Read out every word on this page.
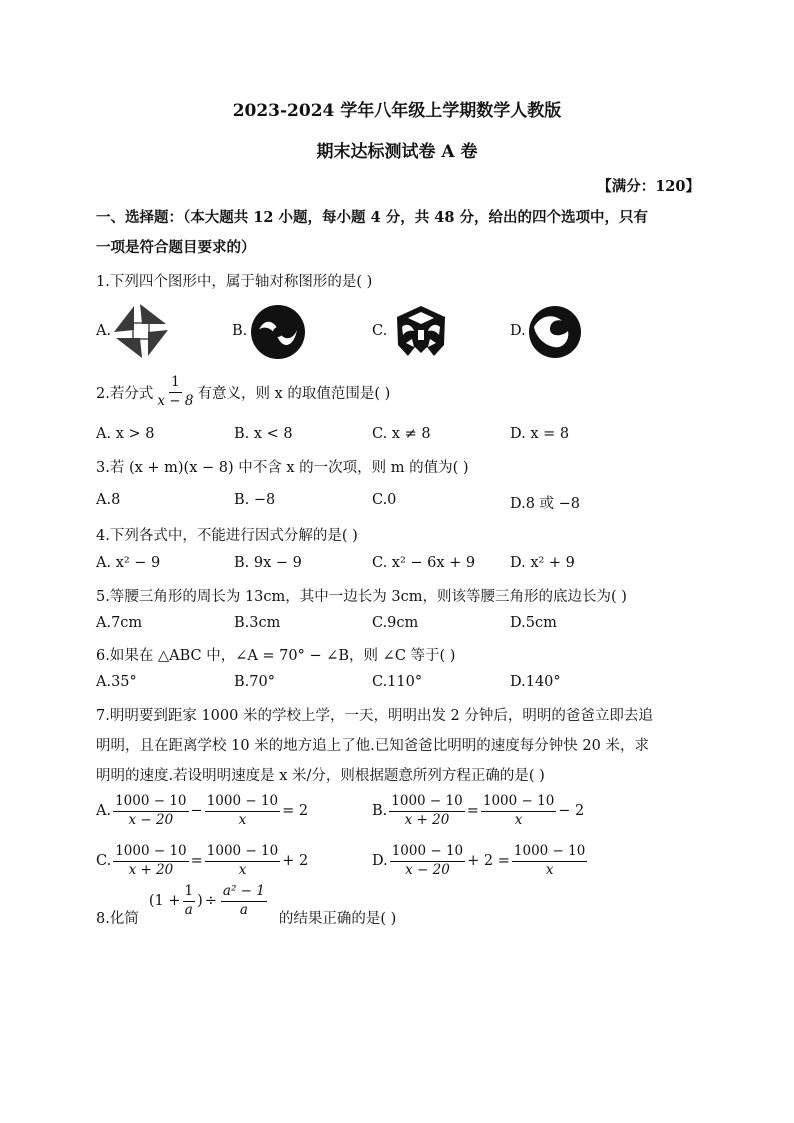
2023-2024 学年八年级上学期数学人教版
期末达标测试卷 A 卷
【满分：120】
一、选择题：（本大题共 12 小题，每小题 4 分，共 48 分，给出的四个选项中，只有
一项是符合题目要求的）
1.下列四个图形中，属于轴对称图形的是( )
A.	B.	C.	D.
2.若分式 $\frac{1}{x - 8}$ 有意义，则 x 的取值范围是( )
A. x > 8	B. x < 8	C. x ≠ 8	D. x = 8
3.若 (x + m)(x − 8) 中不含 x 的一次项，则 m 的值为( )
A.8	B. −8	C.0	D.8 或 −8
4.下列各式中，不能进行因式分解的是( )
A. x² − 9	B. 9x − 9	C. x² − 6x + 9 D. x² + 9
5.等腰三角形的周长为 13cm，其中一边长为 3cm，则该等腰三角形的底边长为( )
A.7cm	B.3cm	C.9cm	D.5cm
6.如果在 △ABC 中，∠A = 70° − ∠B，则 ∠C 等于( )
A.35°	B.70°	C.110°	D.140°
7.明明要到距家 1000 米的学校上学，一天，明明出发 2 分钟后，明明的爸爸立即去追
明明，且在距离学校 10 米的地方追上了他.已知爸爸比明明的速度每分钟快 20 米，求
明明的速度.若设明明速度是 x 米/分，则根据题意所列方程正确的是( )
A. $\frac{1000 - 10}{x - 20} - \frac{1000 - 10}{x} = 2$	B. $\frac{1000 - 10}{x + 20} = \frac{1000 - 10}{x} - 2$
C. $\frac{1000 - 10}{x + 20} = \frac{1000 - 10}{x} + 2$	D. $\frac{1000 - 10}{x - 20} + 2 = \frac{1000 - 10}{x}$
8.化简
($1 + \frac{1}{a}$ ) ÷ $\frac{\text{a² − 1}}{a}$
的结果正确的是( )
